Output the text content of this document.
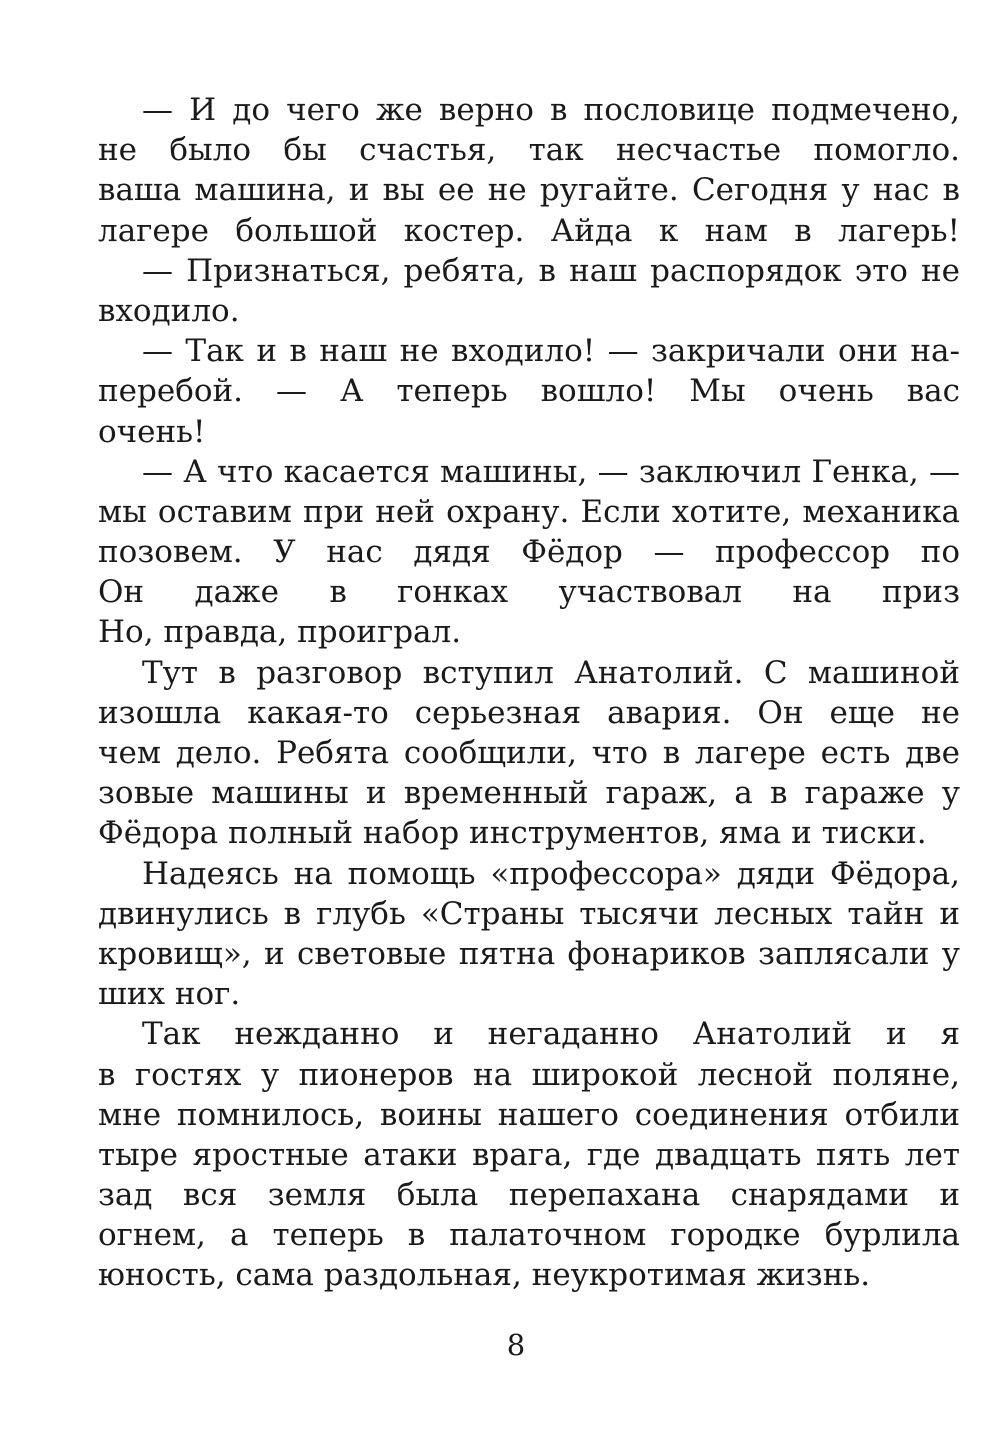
— И до чего же верно в пословице подмечено,
не было бы счастья, так несчастье помогло.
ваша машина, и вы ее не ругайте. Сегодня у нас в
лагере большой костер. Айда к нам в лагерь!
— Признаться, ребята, в наш распорядок это не
входило.
— Так и в наш не входило! — закричали они на-
перебой. — А теперь вошло! Мы очень вас
очень!
— А что касается машины, — заключил Генка, —
мы оставим при ней охрану. Если хотите, механика
позовем. У нас дядя Фёдор — профессор по
Он даже в гонках участвовал на приз
Но, правда, проиграл.
Тут в разговор вступил Анатолий. С машиной
изошла какая-то серьезная авария. Он еще не
чем дело. Ребята сообщили, что в лагере есть две
зовые машины и временный гараж, а в гараже у
Фёдора полный набор инструментов, яма и тиски.
Надеясь на помощь «профессора» дяди Фёдора,
двинулись в глубь «Страны тысячи лесных тайн и
кровищ», и световые пятна фонариков заплясали у
ших ног.
Так нежданно и негаданно Анатолий и я
в гостях у пионеров на широкой лесной поляне,
мне помнилось, воины нашего соединения отбили
тыре яростные атаки врага, где двадцать пять лет
зад вся земля была перепахана снарядами и
огнем, а теперь в палаточном городке бурлила
юность, сама раздольная, неукротимая жизнь.
8
